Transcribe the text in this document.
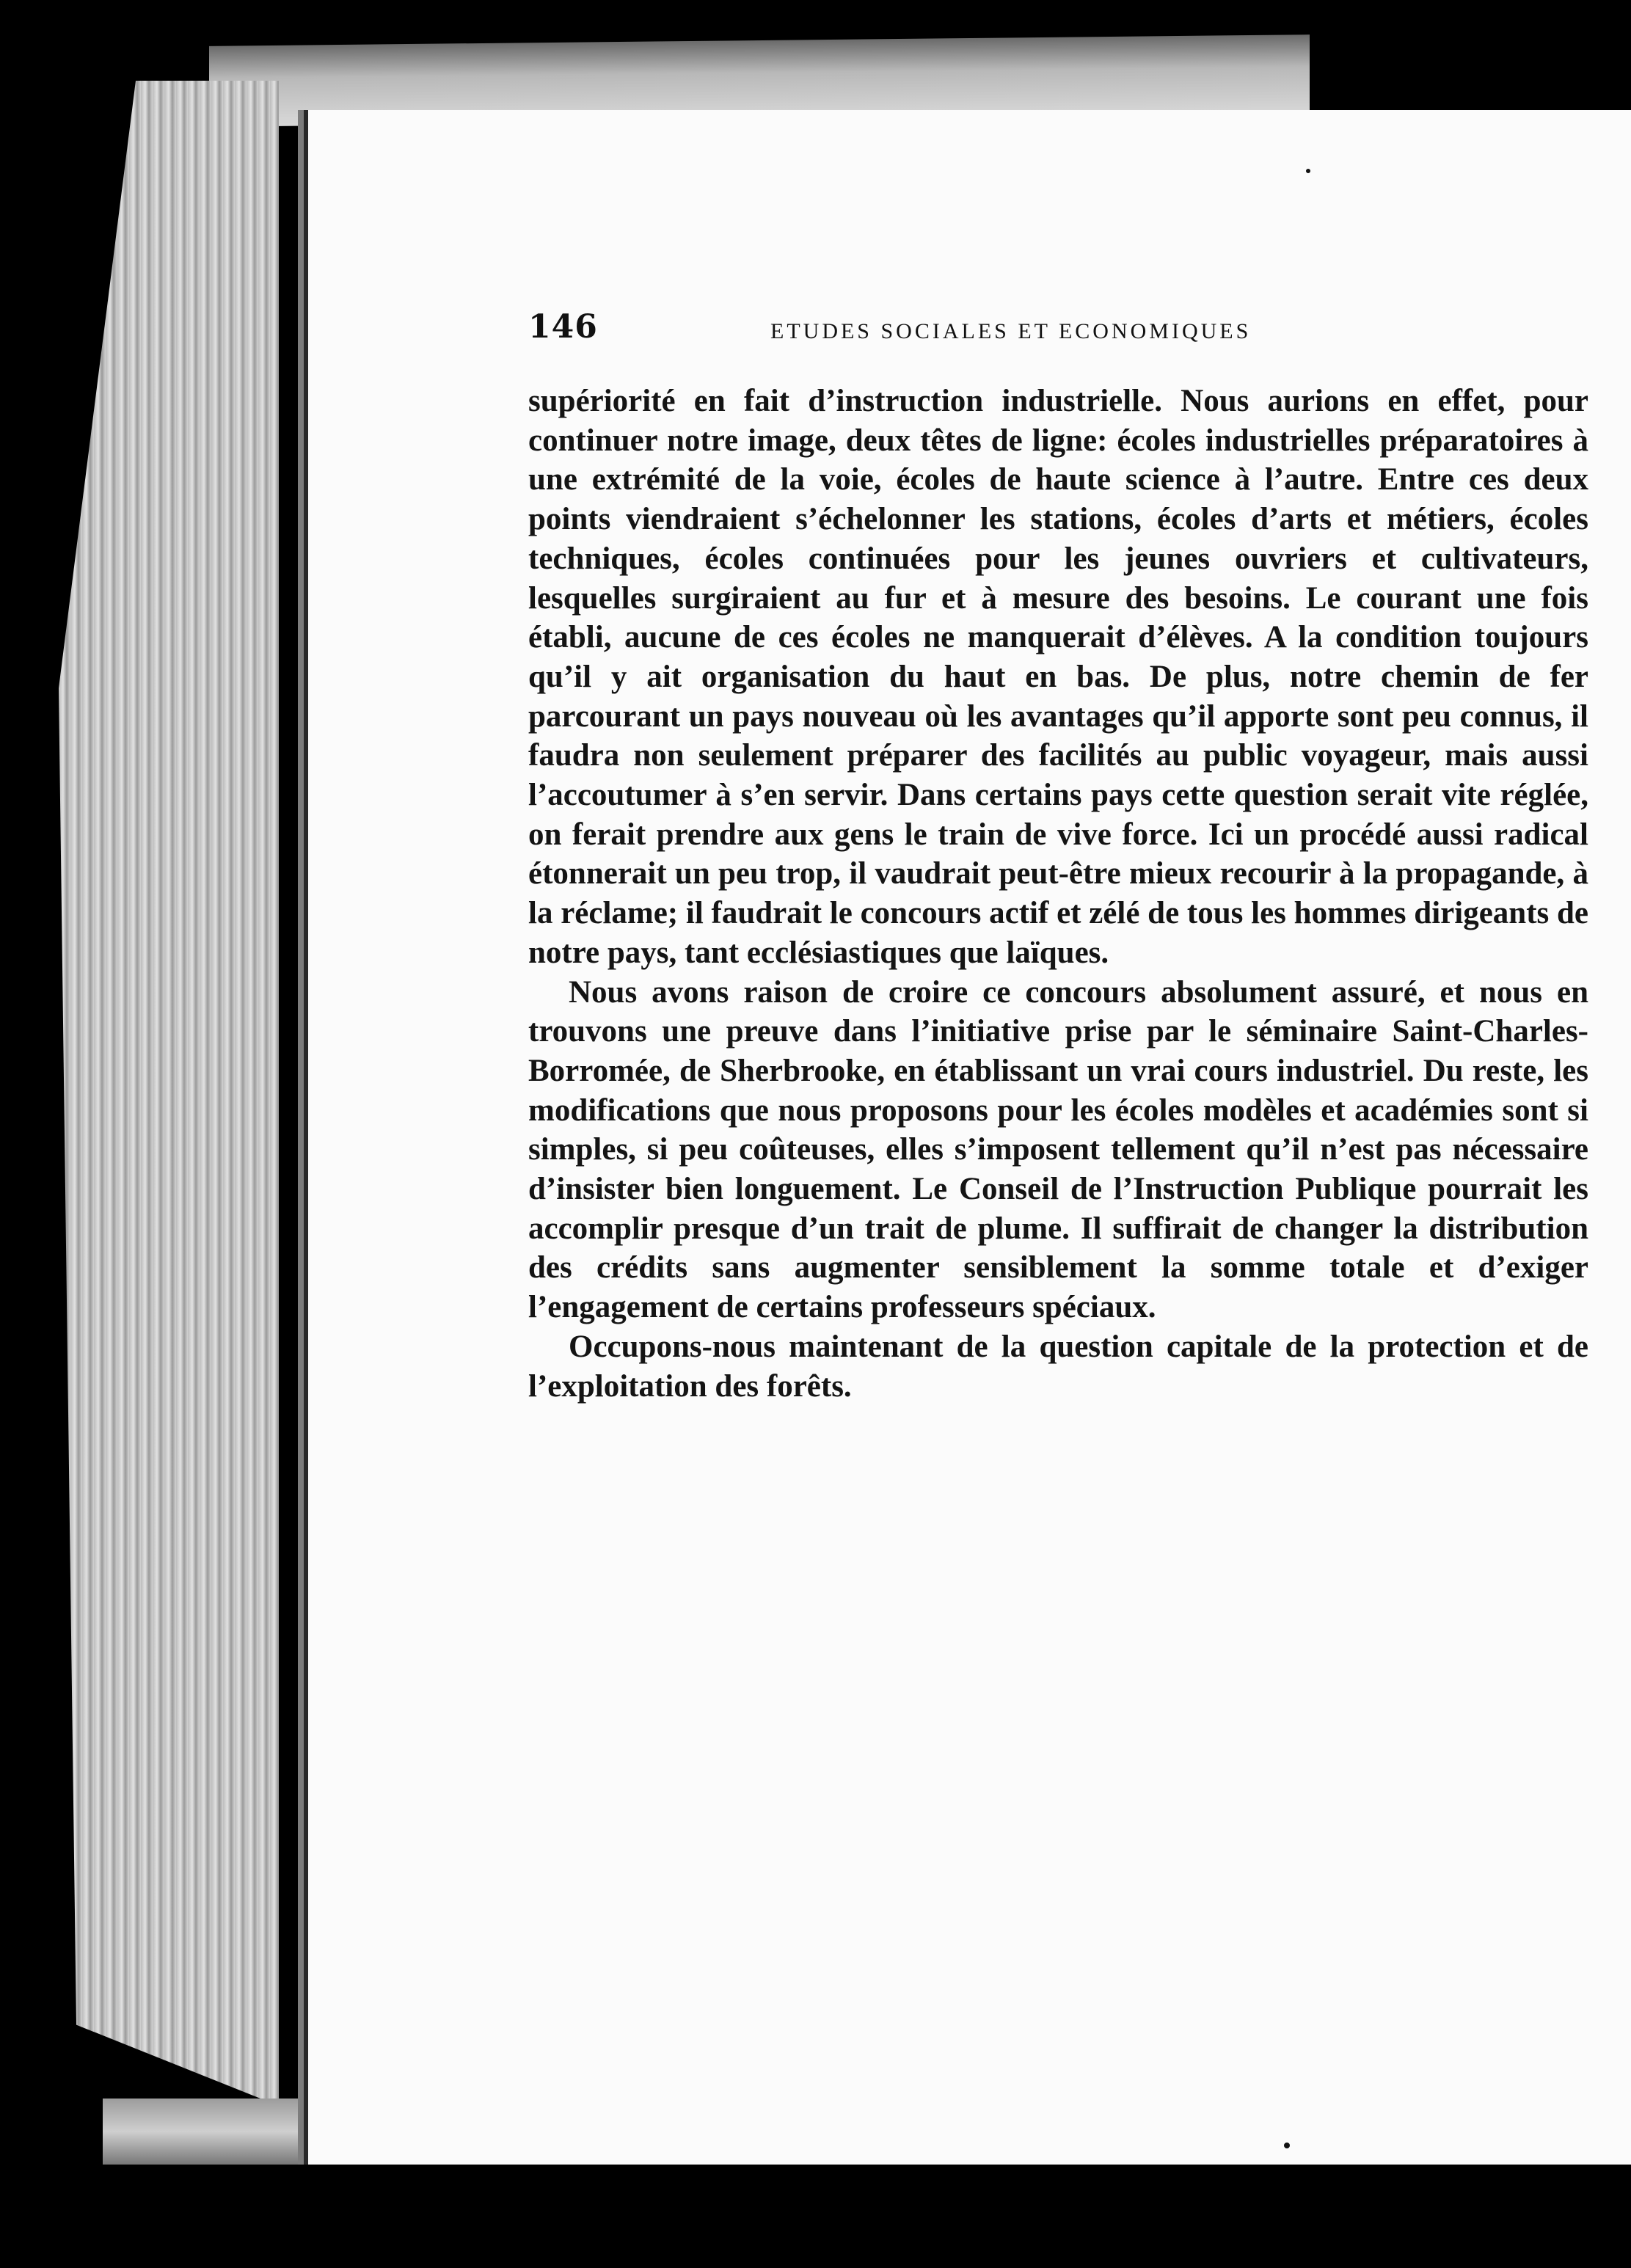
146	ETUDES SOCIALES ET ECONOMIQUES

supériorité en fait d’instruction industrielle. Nous aurions en effet, pour continuer notre image, deux têtes de ligne: écoles industrielles préparatoires à une extrémité de la voie, écoles de haute science à l’autre. Entre ces deux points viendraient s’échelonner les stations, écoles d’arts et métiers, écoles techniques, écoles continuées pour les jeunes ouvriers et cultivateurs, lesquelles surgiraient au fur et à mesure des besoins. Le courant une fois établi, aucune de ces écoles ne manquerait d’élèves. A la condition toujours qu’il y ait organisation du haut en bas. De plus, notre chemin de fer parcourant un pays nouveau où les avantages qu’il apporte sont peu connus, il faudra non seulement préparer des facilités au public voyageur, mais aussi l’accoutumer à s’en servir. Dans certains pays cette question serait vite réglée, on ferait prendre aux gens le train de vive force. Ici un procédé aussi radical étonnerait un peu trop, il vaudrait peut-être mieux recourir à la propagande, à la réclame; il faudrait le concours actif et zélé de tous les hommes dirigeants de notre pays, tant ecclésiastiques que laïques.

Nous avons raison de croire ce concours absolument assuré, et nous en trouvons une preuve dans l’initiative prise par le séminaire Saint-Charles-Borromée, de Sherbrooke, en établissant un vrai cours industriel. Du reste, les modifications que nous proposons pour les écoles modèles et académies sont si simples, si peu coûteuses, elles s’imposent tellement qu’il n’est pas nécessaire d’insister bien longuement. Le Conseil de l’Instruction Publique pourrait les accomplir presque d’un trait de plume. Il suffirait de changer la distribution des crédits sans augmenter sensiblement la somme totale et d’exiger l’engagement de certains professeurs spéciaux.

Occupons-nous maintenant de la question capitale de la protection et de l’exploitation des forêts.
